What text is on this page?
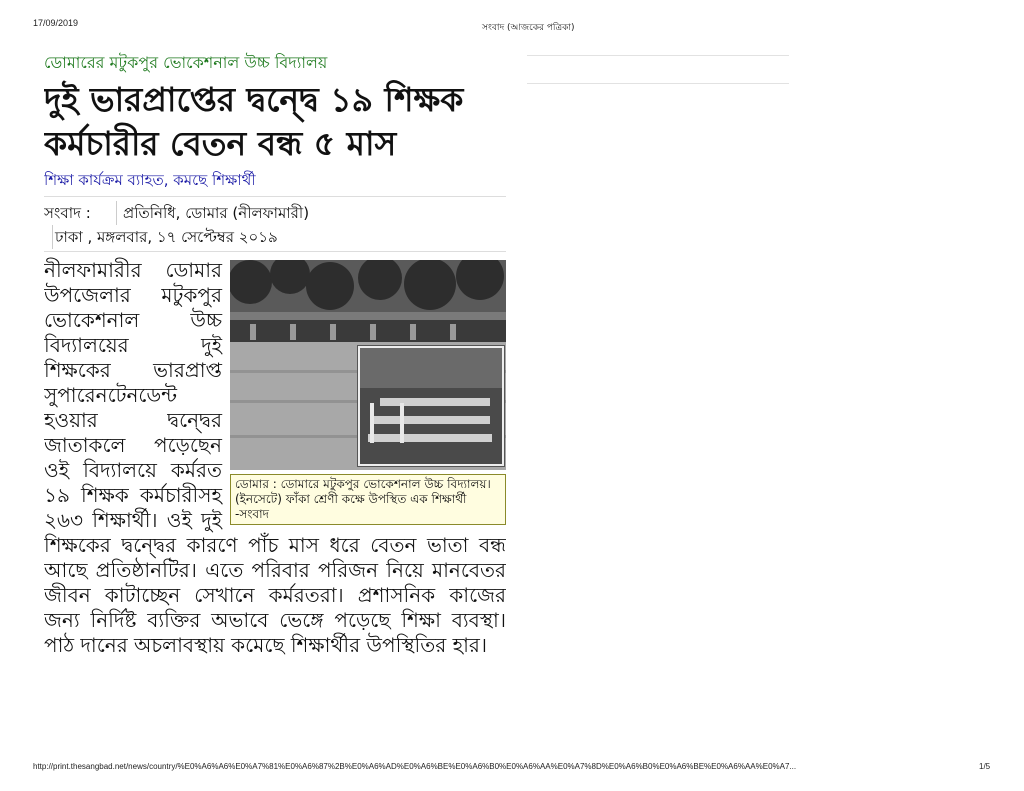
17/09/2019	সংবাদ (আজকের পত্রিকা)

ডোমারের মটুকপুর ভোকেশনাল উচ্চ বিদ্যালয়

দুই ভারপ্রাপ্তের দ্বন্দ্বে ১৯ শিক্ষক
কর্মচারীর বেতন বন্ধ ৫ মাস

শিক্ষা কার্যক্রম ব্যাহত, কমছে শিক্ষার্থী

সংবাদ :	প্রতিনিধি, ডোমার (নীলফামারী)
ঢাকা , মঙ্গলবার, ১৭ সেপ্টেম্বর ২০১৯
ডোমার : ডোমারে মটুকপুর ভোকেশনাল উচ্চ বিদ্যালয়। (ইনসেটে) ফাঁকা শ্রেণী কক্ষে উপস্থিত এক শিক্ষার্থী -সংবাদ

নীলফামারীর ডোমার উপজেলার মটুকপুর ভোকেশনাল উচ্চ বিদ্যালয়ের দুই শিক্ষকের ভারপ্রাপ্ত সুপারেনটেনডেন্ট হওয়ার দ্বন্দ্বের জাতাকলে পড়েছেন ওই বিদ্যালয়ে কর্মরত ১৯ শিক্ষক কর্মচারীসহ ২৬৩ শিক্ষার্থী। ওই দুই শিক্ষকের দ্বন্দ্বের কারণে পাঁচ মাস ধরে বেতন ভাতা বন্ধ আছে প্রতিষ্ঠানটির। এতে পরিবার পরিজন নিয়ে মানবেতর জীবন কাটাচ্ছেন সেখানে কর্মরতরা। প্রশাসনিক কাজের জন্য নির্দিষ্ট ব্যক্তির অভাবে ভেঙ্গে পড়েছে শিক্ষা ব্যবস্থা। পাঠ দানের অচলাবস্থায় কমেছে শিক্ষার্থীর উপস্থিতির হার।

http://print.thesangbad.net/news/country/%E0%A6%A6%E0%A7%81%E0%A6%87%2B%E0%A6%AD%E0%A6%BE%E0%A6%B0%E0%A6%AA%E0%A7%8D%E0%A6%B0%E0%A6%BE%E0%A6%AA%E0%A7...	1/5
